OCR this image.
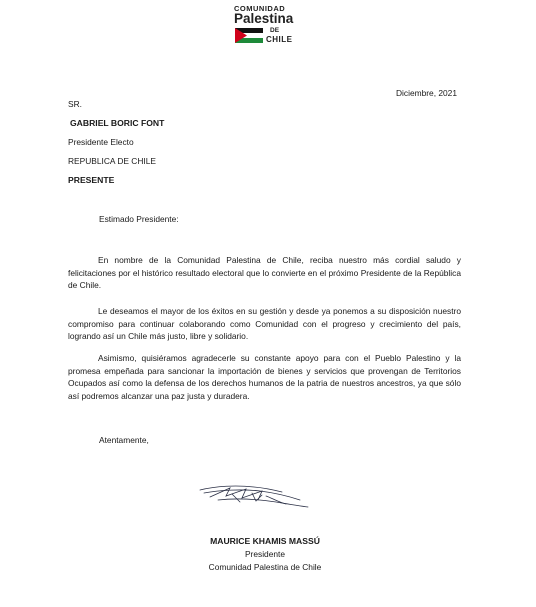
COMUNIDAD
Palestina
DE
CHILE
Diciembre, 2021
SR.
GABRIEL BORIC FONT
Presidente Electo
REPUBLICA DE CHILE
PRESENTE
Estimado Presidente:
En nombre de la Comunidad Palestina de Chile, reciba nuestro más cordial saludo y felicitaciones por el histórico resultado electoral que lo convierte en el próximo Presidente de la República de Chile.
Le deseamos el mayor de los éxitos en su gestión y desde ya ponemos a su disposición nuestro compromiso para continuar colaborando como Comunidad con el progreso y crecimiento del país, logrando así un Chile más justo, libre y solidario.
Asimismo, quisiéramos agradecerle su constante apoyo para con el Pueblo Palestino y la promesa empeñada para sancionar la importación de bienes y servicios que provengan de Territorios Ocupados así como la defensa de los derechos humanos de la patria de nuestros ancestros, ya que sólo así podremos alcanzar una paz justa y duradera.
Atentamente,
MAURICE KHAMIS MASSÚ
Presidente
Comunidad Palestina de Chile
